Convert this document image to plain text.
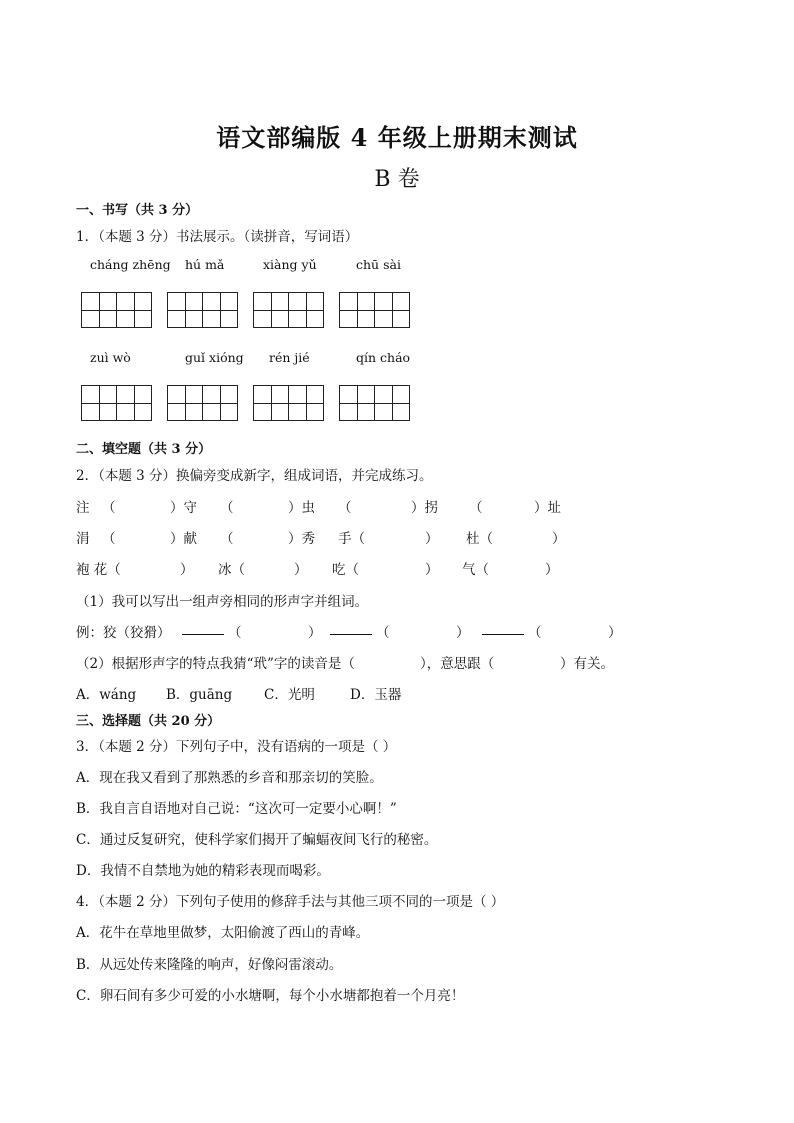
语文部编版 4 年级上册期末测试
B 卷
一、书写（共 3 分）
1．（本题 3 分）书法展示。（读拼音，写词语）
cháng zhēng hú mǎ	xiàng yǔ	chū sài
zuì wò	guǐ xióng rén jié	qín cháo
二、填空题（共 3 分）
2．（本题 3 分）换偏旁变成新字，组成词语，并完成练习。
注 （	）守 （	）虫 （	）拐 （	）址
涓 （	）献 （	）秀 手（	） 杜（	）
袍 花（	） 冰（	） 吃（	） 气（	）
（1）我可以写出一组声旁相同的形声字并组词。
例：狡（狡猾）	（	）	（	）	（	）
（2）根据形声字的特点我猜“玳”字的读音是（	），意思跟（	）有关。
A．wáng B．guāng C．光明	D．玉器
三、选择题（共 20 分）
3．（本题 2 分）下列句子中，没有语病的一项是（ ）
A．现在我又看到了那熟悉的乡音和那亲切的笑脸。
B．我自言自语地对自己说：“这次可一定要小心啊！”
C．通过反复研究，使科学家们揭开了蝙蝠夜间飞行的秘密。
D．我情不自禁地为她的精彩表现而喝彩。
4．（本题 2 分）下列句子使用的修辞手法与其他三项不同的一项是（ ）
A．花牛在草地里做梦，太阳偷渡了西山的青峰。
B．从远处传来隆隆的响声，好像闷雷滚动。
C．卵石间有多少可爱的小水塘啊，每个小水塘都抱着一个月亮！
